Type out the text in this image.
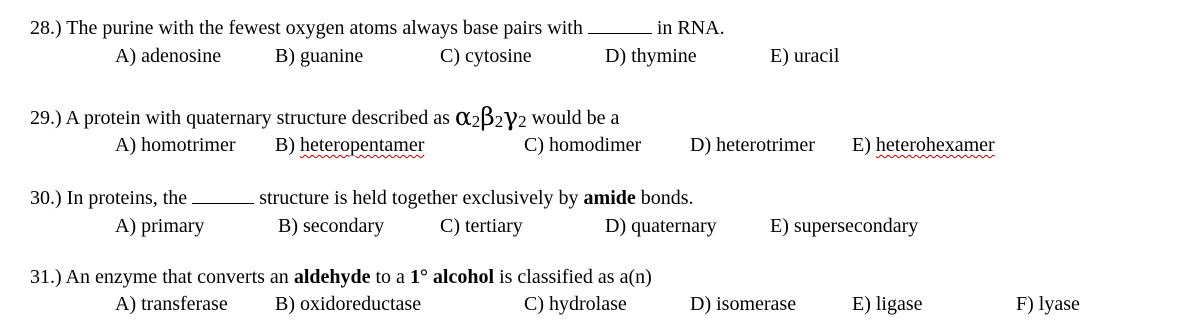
28.) The purine with the fewest oxygen atoms always base pairs with	in RNA.
A) adenosine	B) guanine	C) cytosine	D) thymine	E) uracil
29.) A protein with quaternary structure described as α2β2γ2 would be a
A) homotrimer B) heteropentamer	C) homodimer D) heterotrimer E) heterohexamer
30.) In proteins, the	structure is held together exclusively by amide bonds.
A) primary	B) secondary	C) tertiary	D) quaternary	E) supersecondary
31.) An enzyme that converts an aldehyde to a 1° alcohol is classified as a(n)
A) transferase B) oxidoreductase	C) hydrolase	D) isomerase	E) ligase	F) lyase
